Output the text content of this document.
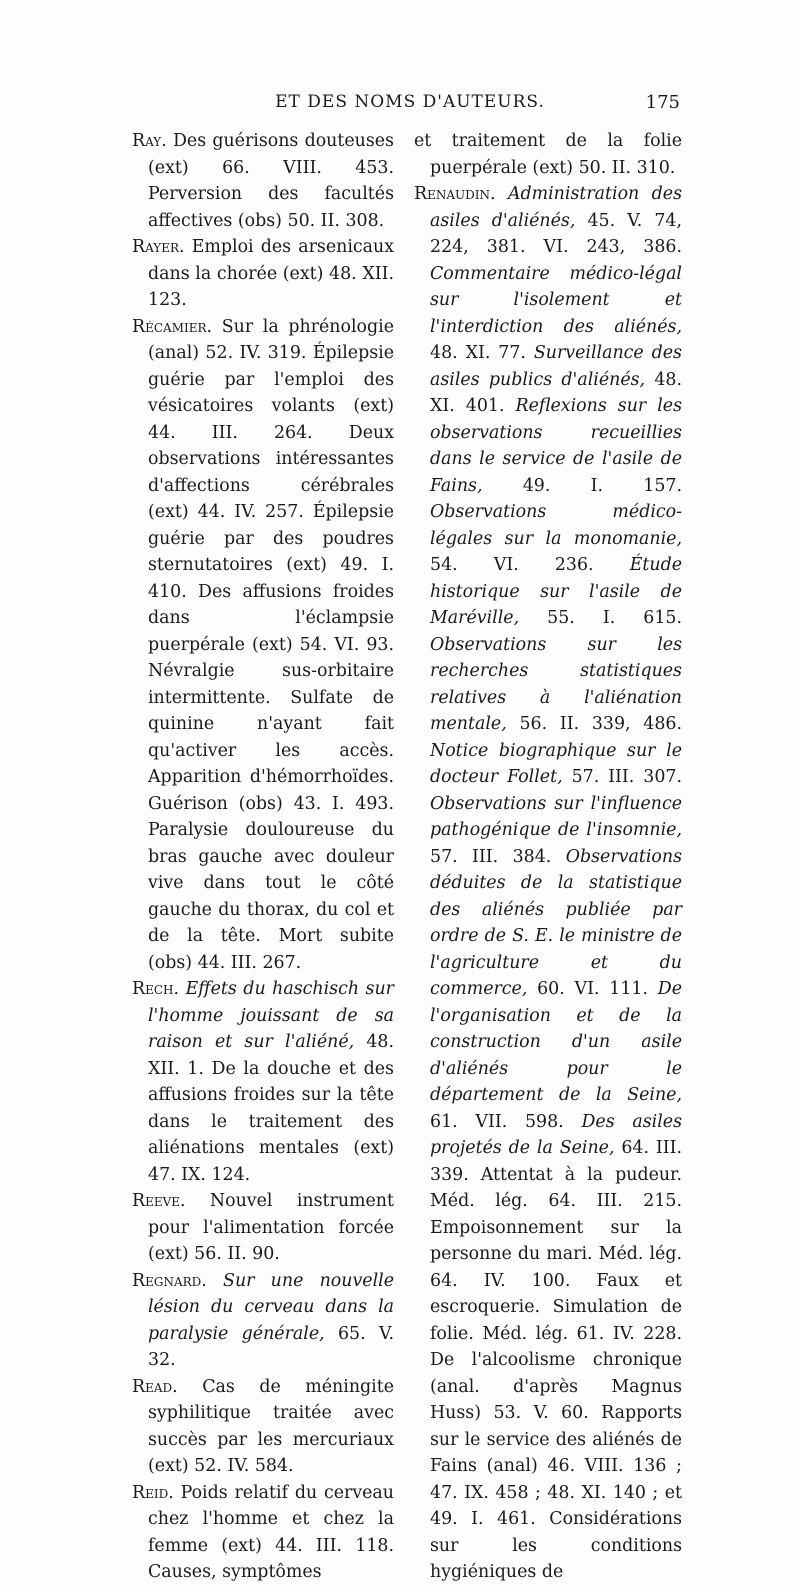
ET DES NOMS D'AUTEURS.	175

Ray. Des guérisons douteuses (ext) 66. VIII. 453. Perversion des facultés affectives (obs) 50. II. 308.

Rayer. Emploi des arsenicaux dans la chorée (ext) 48. XII. 123.

Récamier. Sur la phrénologie (anal) 52. IV. 319. Épilepsie guérie par l'emploi des vésicatoires volants (ext) 44. III. 264. Deux observations intéressantes d'affections cérébrales (ext) 44. IV. 257. Épilepsie guérie par des poudres sternutatoires (ext) 49. I. 410. Des affusions froides dans l'éclampsie puerpérale (ext) 54. VI. 93. Névralgie sus-orbitaire intermittente. Sulfate de quinine n'ayant fait qu'activer les accès. Apparition d'hémorrhoïdes. Guérison (obs) 43. I. 493. Paralysie douloureuse du bras gauche avec douleur vive dans tout le côté gauche du thorax, du col et de la tête. Mort subite (obs) 44. III. 267.

Rech. Effets du haschisch sur l'homme jouissant de sa raison et sur l'aliéné, 48. XII. 1. De la douche et des affusions froides sur la tête dans le traitement des aliénations mentales (ext) 47. IX. 124.

Reeve. Nouvel instrument pour l'alimentation forcée (ext) 56. II. 90.

Regnard. Sur une nouvelle lésion du cerveau dans la paralysie générale, 65. V. 32.

Read. Cas de méningite syphilitique traitée avec succès par les mercuriaux (ext) 52. IV. 584.

Reid. Poids relatif du cerveau chez l'homme et chez la femme (ext) 44. III. 118. Causes, symptômes

et traitement de la folie puerpérale (ext) 50. II. 310.

Renaudin. Administration des asiles d'aliénés, 45. V. 74, 224, 381. VI. 243, 386. Commentaire médico-légal sur l'isolement et l'interdiction des aliénés, 48. XI. 77. Surveillance des asiles publics d'aliénés, 48. XI. 401. Reflexions sur les observations recueillies dans le service de l'asile de Fains, 49. I. 157. Observations médico-légales sur la monomanie, 54. VI. 236. Étude historique sur l'asile de Maréville, 55. I. 615. Observations sur les recherches statistiques relatives à l'aliénation mentale, 56. II. 339, 486. Notice biographique sur le docteur Follet, 57. III. 307. Observations sur l'influence pathogénique de l'insomnie, 57. III. 384. Observations déduites de la statistique des aliénés publiée par ordre de S. E. le ministre de l'agriculture et du commerce, 60. VI. 111. De l'organisation et de la construction d'un asile d'aliénés pour le département de la Seine, 61. VII. 598. Des asiles projetés de la Seine, 64. III. 339. Attentat à la pudeur. Méd. lég. 64. III. 215. Empoisonnement sur la personne du mari. Méd. lég. 64. IV. 100. Faux et escroquerie. Simulation de folie. Méd. lég. 61. IV. 228. De l'alcoolisme chronique (anal. d'après Magnus Huss) 53. V. 60. Rapports sur le service des aliénés de Fains (anal) 46. VIII. 136 ; 47. IX. 458 ; 48. XI. 140 ; et 49. I. 461. Considérations sur les conditions hygiéniques de
